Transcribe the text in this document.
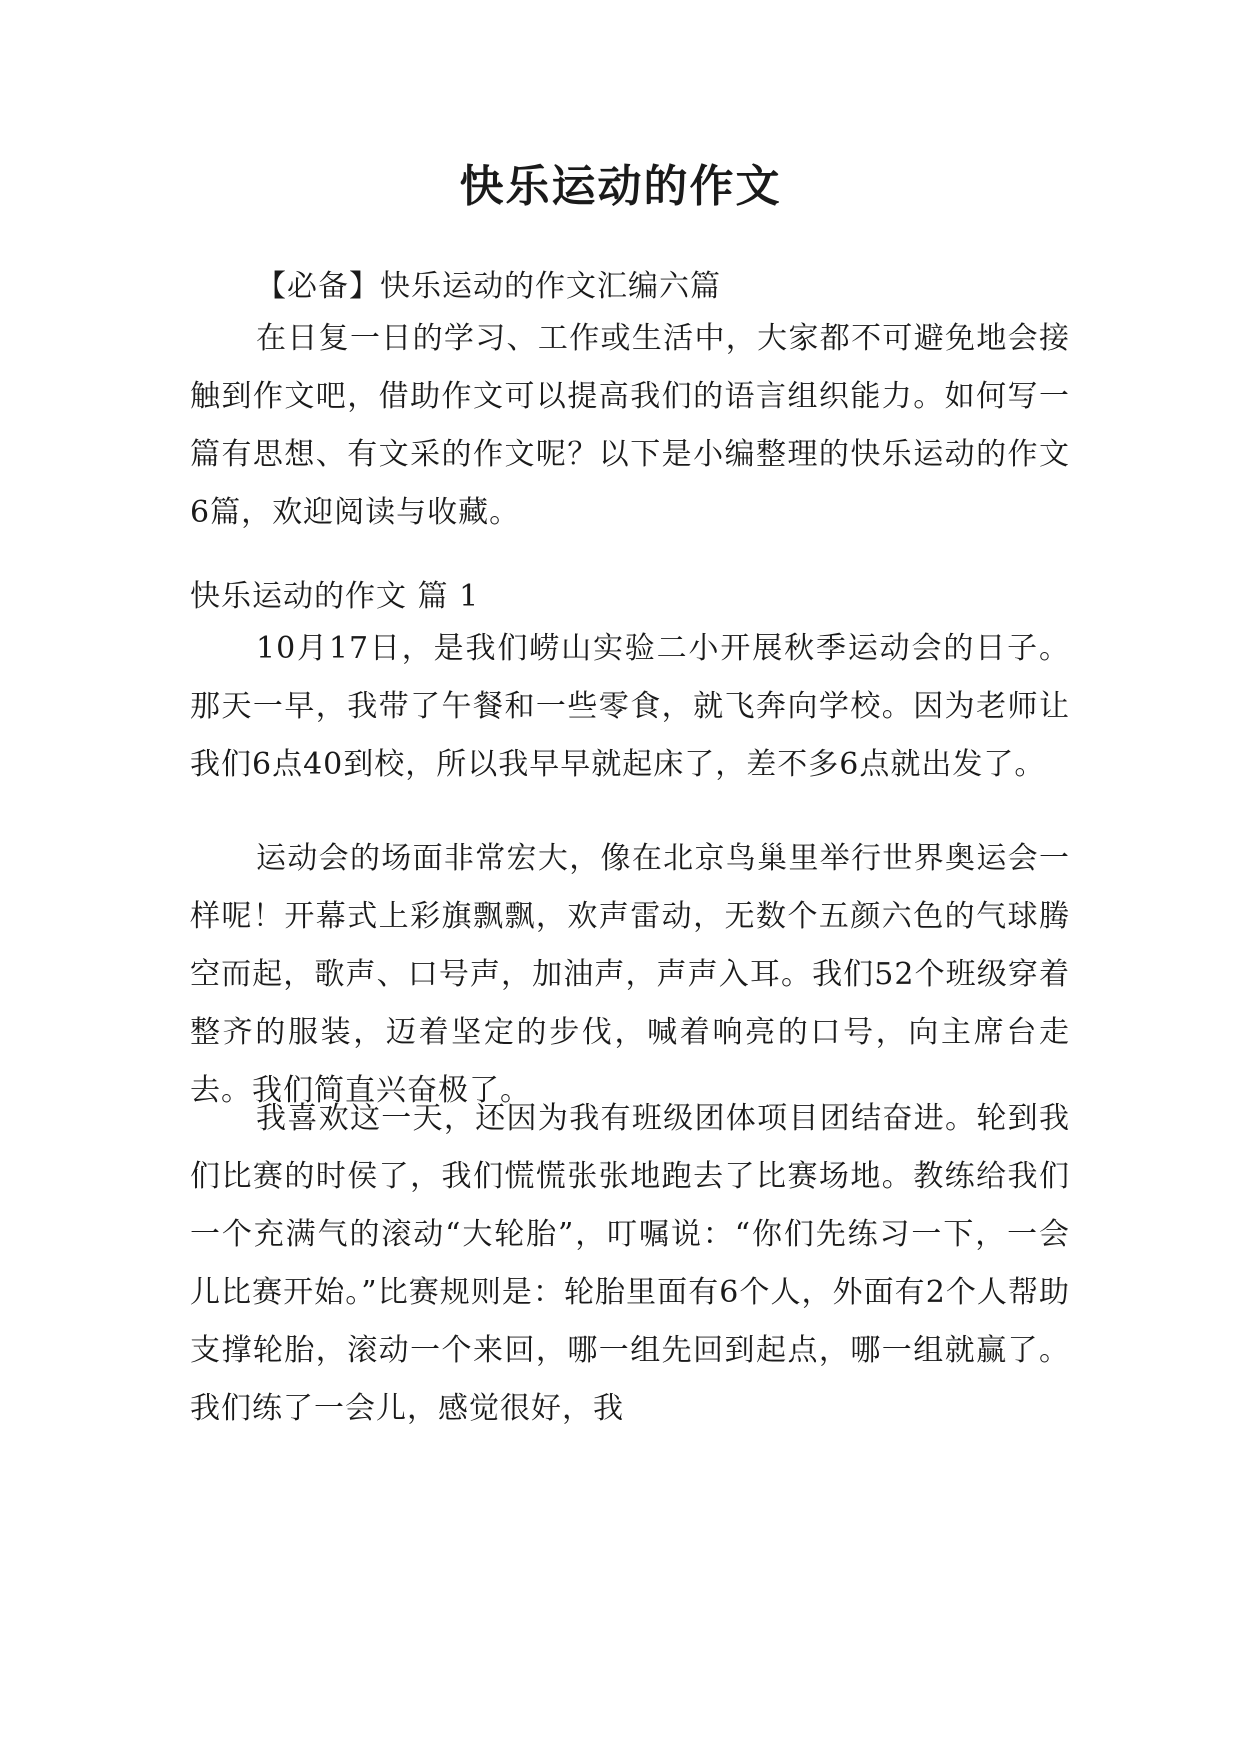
快乐运动的作文

【必备】快乐运动的作文汇编六篇

在日复一日的学习、工作或生活中，大家都不可避免地会接触到作文吧，借助作文可以提高我们的语言组织能力。如何写一篇有思想、有文采的作文呢？以下是小编整理的快乐运动的作文6篇，欢迎阅读与收藏。

快乐运动的作文 篇 1

10月17日，是我们崂山实验二小开展秋季运动会的日子。那天一早，我带了午餐和一些零食，就飞奔向学校。因为老师让我们6点40到校，所以我早早就起床了，差不多6点就出发了。

运动会的场面非常宏大，像在北京鸟巢里举行世界奥运会一样呢！开幕式上彩旗飘飘，欢声雷动，无数个五颜六色的气球腾空而起，歌声、口号声，加油声，声声入耳。我们52个班级穿着整齐的服装，迈着坚定的步伐，喊着响亮的口号，向主席台走去。我们简直兴奋极了。

我喜欢这一天，还因为我有班级团体项目团结奋进。轮到我们比赛的时侯了，我们慌慌张张地跑去了比赛场地。教练给我们一个充满气的滚动“大轮胎”，叮嘱说：“你们先练习一下，一会儿比赛开始。”比赛规则是：轮胎里面有6个人，外面有2个人帮助支撑轮胎，滚动一个来回，哪一组先回到起点，哪一组就赢了。我们练了一会儿，感觉很好，我
